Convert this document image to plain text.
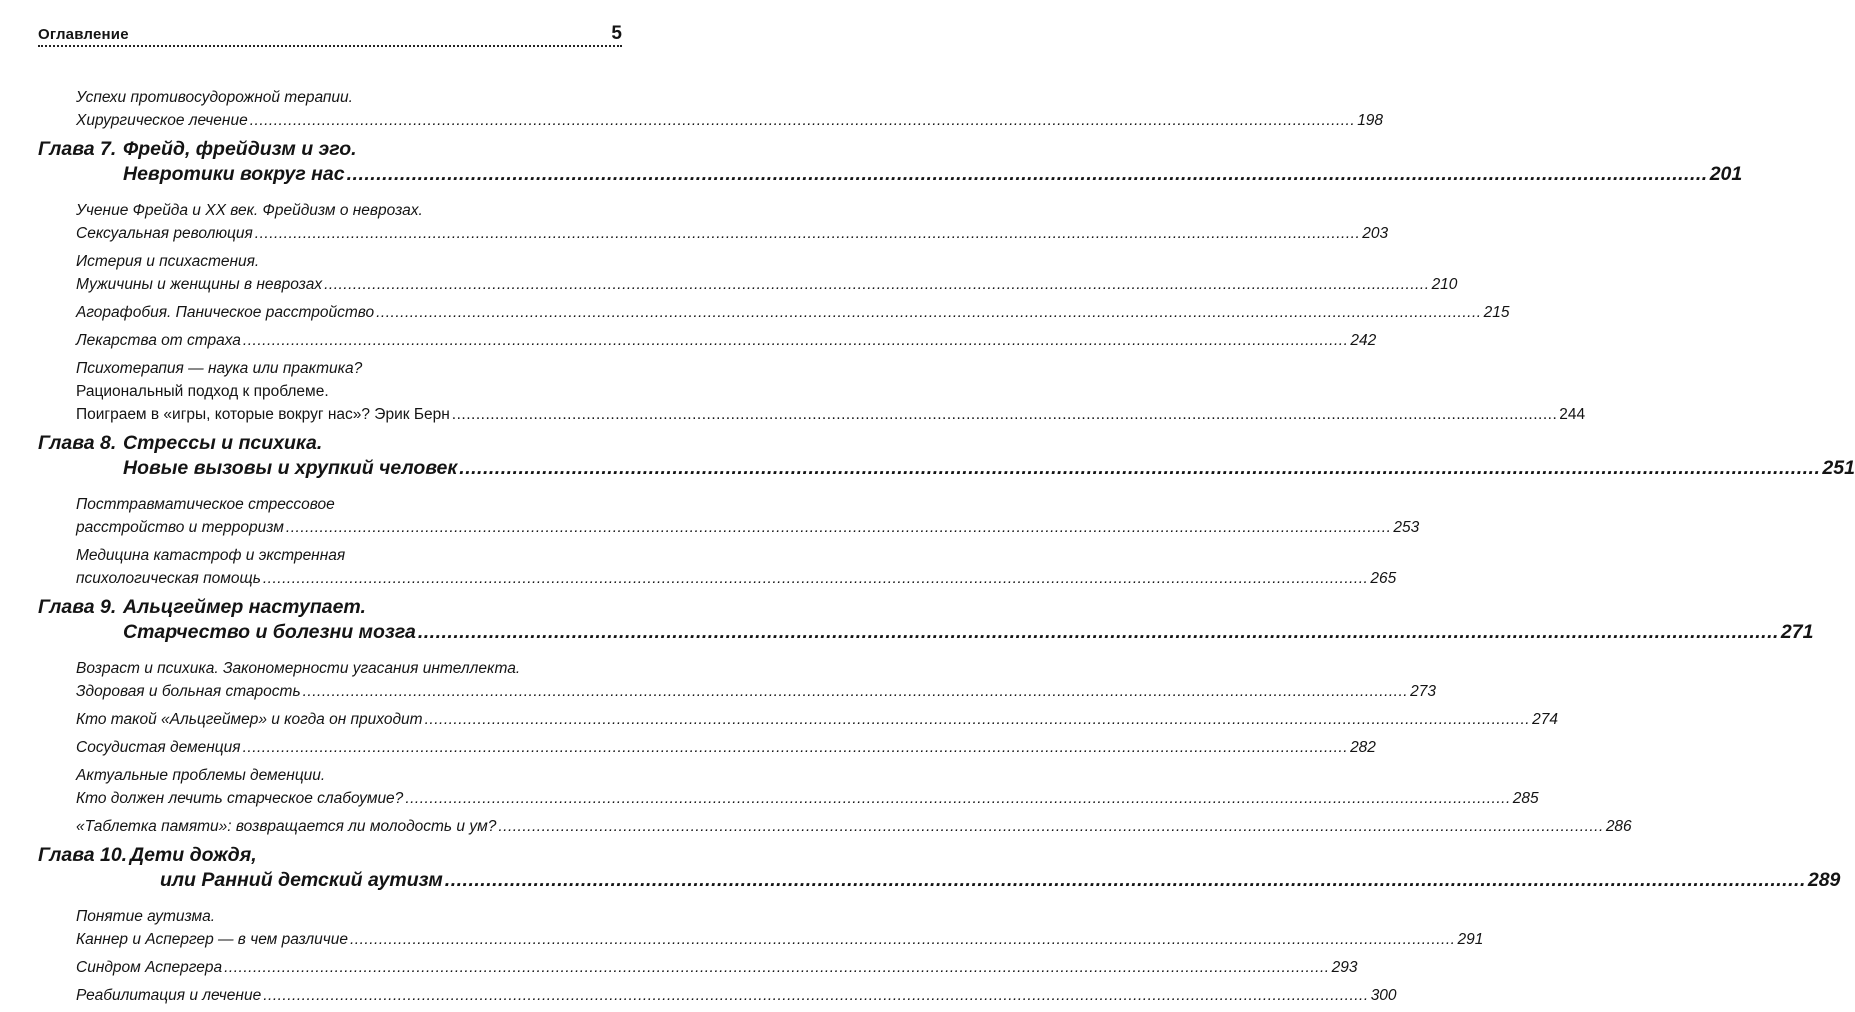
Оглавление	5
Успехи противосудорожной терапии.
Хирургическое лечение .....	198
Глава 7. Фрейд, фрейдизм и эго.
Невротики вокруг нас .....	201
Учение Фрейда и XX век. Фрейдизм о неврозах.
Сексуальная революция .....	203
Истерия и психастения.
Мужичины и женщины в неврозах .....	210
Агорафобия. Паническое расстройство .....	215
Лекарства от страха .....	242
Психотерапия — наука или практика?
Рациональный подход к проблеме.
Поиграем в «игры, которые вокруг нас»? Эрик Берн .....	244
Глава 8. Стрессы и психика.
Новые вызовы и хрупкий человек .....	251
Посттравматическое стрессовое
расстройство и терроризм .....	253
Медицина катастроф и экстренная
психологическая помощь .....	265
Глава 9. Альцгеймер наступает.
Старчество и болезни мозга .....	271
Возраст и психика. Закономерности угасания интеллекта.
Здоровая и больная старость .....	273
Кто такой «Альцгеймер» и когда он приходит .....	274
Сосудистая деменция .....	282
Актуальные проблемы деменции.
Кто должен лечить старческое слабоумие? .....	285
«Таблетка памяти»: возвращается ли молодость и ум? .....	286
Глава 10. Дети дождя,
или Ранний детский аутизм .....	289
Понятие аутизма.
Каннер и Аспергер — в чем различие .....	291
Синдром Аспергера .....	293
Реабилитация и лечение .....	300
